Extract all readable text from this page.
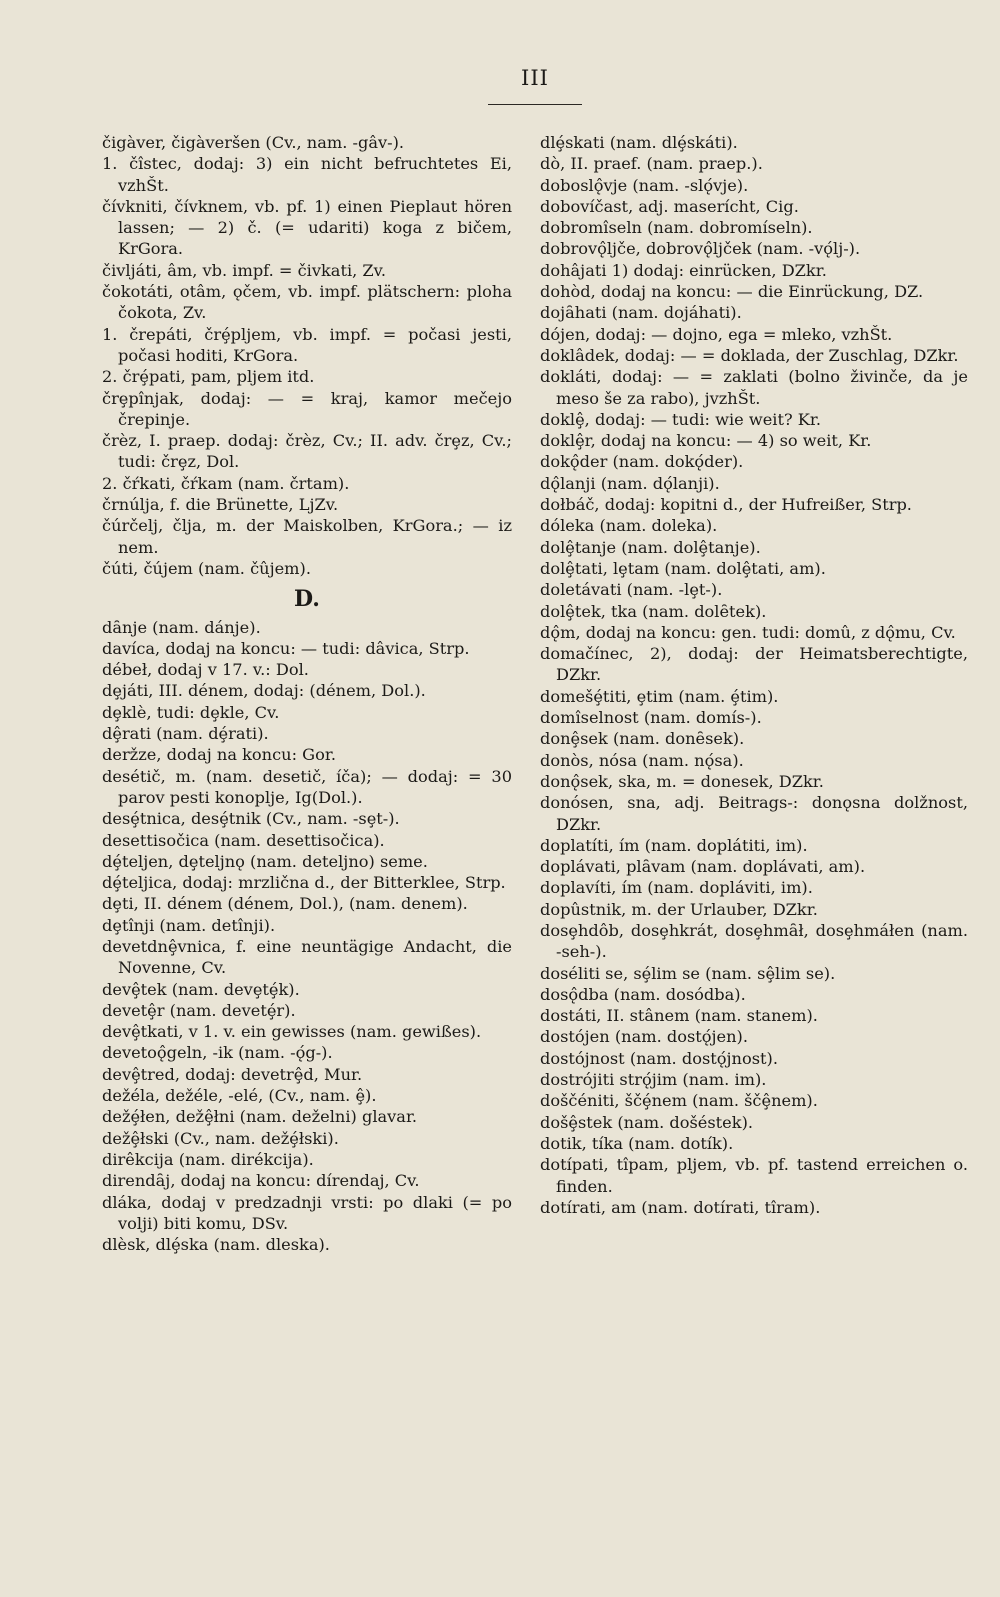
III
čigàver, čigàveršen (Cv., nam. -gâv-).
1. čîstec, dodaj: 3) ein nicht befruchtetes Ei, vzhŠt.
čívkniti, čívknem, vb. pf. 1) einen Pieplaut hören lassen; — 2) č. (= udariti) koga z bičem, KrGora.
čivljáti, âm, vb. impf. = čivkati, Zv.
čokotáti, otâm, ǫčem, vb. impf. plätschern: ploha čokota, Zv.
1. črepáti, črȩ́pljem, vb. impf. = počasi jesti, počasi hoditi, KrGora.
2. črȩ́pati, pam, pljem itd.
črȩpînjak, dodaj: — = kraj, kamor mečejo črepinje.
črèz, I. praep. dodaj: črèz, Cv.; II. adv. črȩz, Cv.; tudi: črȩz, Dol.
2. čŕkati, čŕkam (nam. črtam).
črnúlja, f. die Brünette, LjZv.
čúrčelj, člja, m. der Maiskolben, KrGora.; — iz nem.
čúti, čújem (nam. čûjem).
D.
dȃnje (nam. dánje).
davíca, dodaj na koncu: — tudi: dâvica, Strp.
débeł, dodaj v 17. v.: Dol.
dȩjáti, III. dénem, dodaj: (dénem, Dol.).
dȩklè, tudi: dȩkle, Cv.
dȩ̂rati (nam. dȩ́rati).
deržze, dodaj na koncu: Gor.
desétič, m. (nam. desetič, íča); — dodaj: = 30 parov pesti konoplje, Ig(Dol.).
desȩ́tnica, desȩ́tnik (Cv., nam. -sȩt-).
desettisočica (nam. desettisočica).
dȩ́teljen, dȩteljnǫ (nam. deteljno) seme.
dȩ́teljica, dodaj: mrzlična d., der Bitterklee, Strp.
dȩti, II. dénem (dénem, Dol.), (nam. denem).
dȩtînji (nam. detînji).
devetdnȩ̂vnica, f. eine neuntägige Andacht, die Novenne, Cv.
devȩ̂tek (nam. devȩtȩ́k).
devetȩ̂r (nam. devetȩ́r).
devȩ̂tkati, v 1. v. ein gewisses (nam. gewißes).
devetoǫ̂geln, -ik (nam. -ǫ́g-).
devȩ̂tred, dodaj: devetrȩ̂d, Mur.
dežéla, dežéle, -elé, (Cv., nam. ȩ̂).
dežȩ́łen, dežȩ̂łni (nam. deželni) glavar.
dežȩ̂łski (Cv., nam. dežȩ́łski).
dirêkcija (nam. dirékcija).
direndȃj, dodaj na koncu: dírendaj, Cv.
dláka, dodaj v predzadnji vrsti: po dlaki (= po volji) biti komu, DSv.
dlèsk, dlȩ́ska (nam. dleska).
dlȩ́skati (nam. dlȩ́skáti).
dò, II. praef. (nam. praep.).
doboslǫ̂vje (nam. -slǫ́vje).
dobovíčast, adj. maserícht, Cig.
dobromîseln (nam. dobromíseln).
dobrovǫ̂ljče, dobrovǫ̂ljček (nam. -vǫ́lj-).
dohâjati 1) dodaj: einrücken, DZkr.
dohòd, dodaj na koncu: — die Einrückung, DZ.
dojȃhati (nam. dojáhati).
dójen, dodaj: — dojno, ega = mleko, vzhŠt.
doklâdek, dodaj: — = doklada, der Zuschlag, DZkr.
dokláti, dodaj: — = zaklati (bolno živinče, da je meso še za rabo), jvzhŠt.
doklȩ̂, dodaj: — tudi: wie weit? Kr.
doklȩ̂r, dodaj na koncu: — 4) so weit, Kr.
dokǫ̂der (nam. dokǫ́der).
dǫ̂lanji (nam. dǫ́lanji).
dołbáč, dodaj: kopitni d., der Hufreißer, Strp.
dóleka (nam. doleka).
dolȩ̂tanje (nam. dolȩ̂tanje).
dolȩ̂tati, lȩtam (nam. dolȩ̂tati, am).
doletávati (nam. -lȩt-).
dolȩ̂tek, tka (nam. dolȇtek).
dǫ̂m, dodaj na koncu: gen. tudi: domû, z dǫ̂mu, Cv.
domačínec, 2), dodaj: der Heimatsberechtigte, DZkr.
domešȩ́titi, ȩtim (nam. ȩ́tim).
domîselnost (nam. domís-).
donȩ̂sek (nam. donȇsek).
donòs, nósa (nam. nǫ́sa).
donǫ̂sek, ska, m. = donesek, DZkr.
donósen, sna, adj. Beitrags-: donǫsna dolžnost, DZkr.
doplatíti, ím (nam. doplátiti, im).
doplávati, plȃvam (nam. doplávati, am).
doplavíti, ím (nam. dopláviti, im).
dopûstnik, m. der Urlauber, DZkr.
dosȩhdôb, dosȩhkrát, dosȩhmȃł, dosȩhmáłen (nam. -seh-).
doséliti se, sȩ́lim se (nam. sȩ̂lim se).
dosǫ̂dba (nam. dosódba).
dostáti, II. stânem (nam. stanem).
dostójen (nam. dostǫ́jen).
dostójnost (nam. dostǫ́jnost).
dostrójiti strǫ́jim (nam. im).
doščéniti, ščȩ́nem (nam. ščȩ̂nem).
došȩ̂stek (nam. došéstek).
dotik, tíka (nam. dotík).
dotípati, tîpam, pljem, vb. pf. tastend erreichen o. finden.
dotírati, am (nam. dotírati, tîram).
